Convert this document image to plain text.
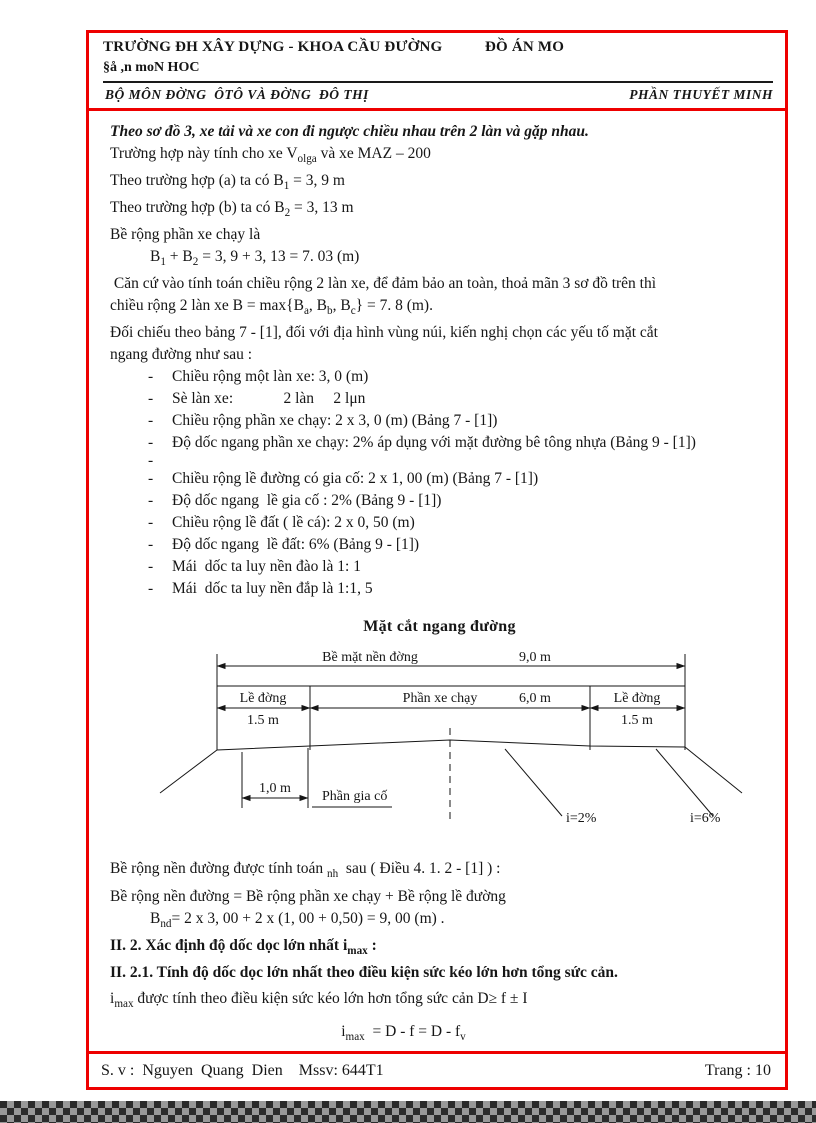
TRƯỜNG ĐH XÂY DỰNG - KHOA CẦU ĐƯỜNG	ĐỒ ÁN MO
§å ,n moN HOC
BỘ MÔN ĐỜNG  ÔTÔ VÀ ĐỜNG  ĐÔ THỊ	PHẦN THUYẾT MINH

Theo sơ đồ 3, xe tải và xe con đi ngược chiều nhau trên 2 làn và gặp nhau.

Trường hợp này tính cho xe $V_{olga}$ và xe MAZ – 200

Theo trường hợp (a) ta có $B_1 = 3$, 9 m

Theo trường hợp (b) ta có $B_2 = 3$, 13 m

Bề rộng phần xe chạy là

$B_1 + B_2 = 3$, 9 + 3, 13 = 7. 03 (m)

Căn cứ vào tính toán chiều rộng 2 làn xe, để đảm bảo an toàn, thoả mãn 3 sơ đồ trên thì

chiều rộng 2 làn xe $B = \max\{B_a$, $B_b$, $B_c\} = 7$. 8 (m).

Đối chiếu theo bảng 7 - [1], đối với địa hình vùng núi, kiến nghị chọn các yếu tố mặt cắt

ngang đường như sau :

-	Chiều rộng một làn xe: 3, 0 (m)
-	Sè làn xe:             2 làn     2 lμn
-	Chiều rộng phần xe chạy: 2 x 3, 0 (m) (Bảng 7 - [1])
-	Độ dốc ngang phần xe chạy: 2% áp dụng với mặt đường bê tông nhựa (Bảng 9 - [1])
-
-	Chiều rộng lề đường có gia cố: 2 x 1, 00 (m) (Bảng 7 - [1])
-	Độ dốc ngang  lề gia cố : 2% (Bảng 9 - [1])
-	Chiều rộng lề đất ( lề cá): 2 x 0, 50 (m)
-	Độ dốc ngang  lề đất: 6% (Bảng 9 - [1])
-	Mái  dốc ta luy nền đào là 1: 1
-	Mái  dốc ta luy nền đắp là 1:1, 5

Mặt cắt ngang đường

Bề mặt nền đờng	9,0 m
Lề đờng	Phần xe chạy	6,0 m	Lề đờng
1.5 m	1.5 m
1,0 m
Phần gia cố
i=2%	i=6%

Bề rộng nền đường được tính toán $_{nh}$  sau ( Điều 4. 1. 2 - [1] ) :

Bề rộng nền đường = Bề rộng phần xe chạy + Bề rộng lề đường

$B_{nd}= 2$ x 3, 00 + 2 x (1, 00 + 0,50) = 9, 00 (m) .

II. 2. Xác định độ dốc dọc lớn nhất $i_{max}$ :

II. 2.1. Tính độ dốc dọc lớn nhất theo điều kiện sức kéo lớn hơn tổng sức cản.

$i_{max}$ được tính theo điều kiện sức kéo lớn hơn tổng sức cản D≥ f ± I

$i_{max} = D - f = D - f_v$

S. v :  Nguyen  Quang  Dien    Mssv: 644T1	Trang : 10
